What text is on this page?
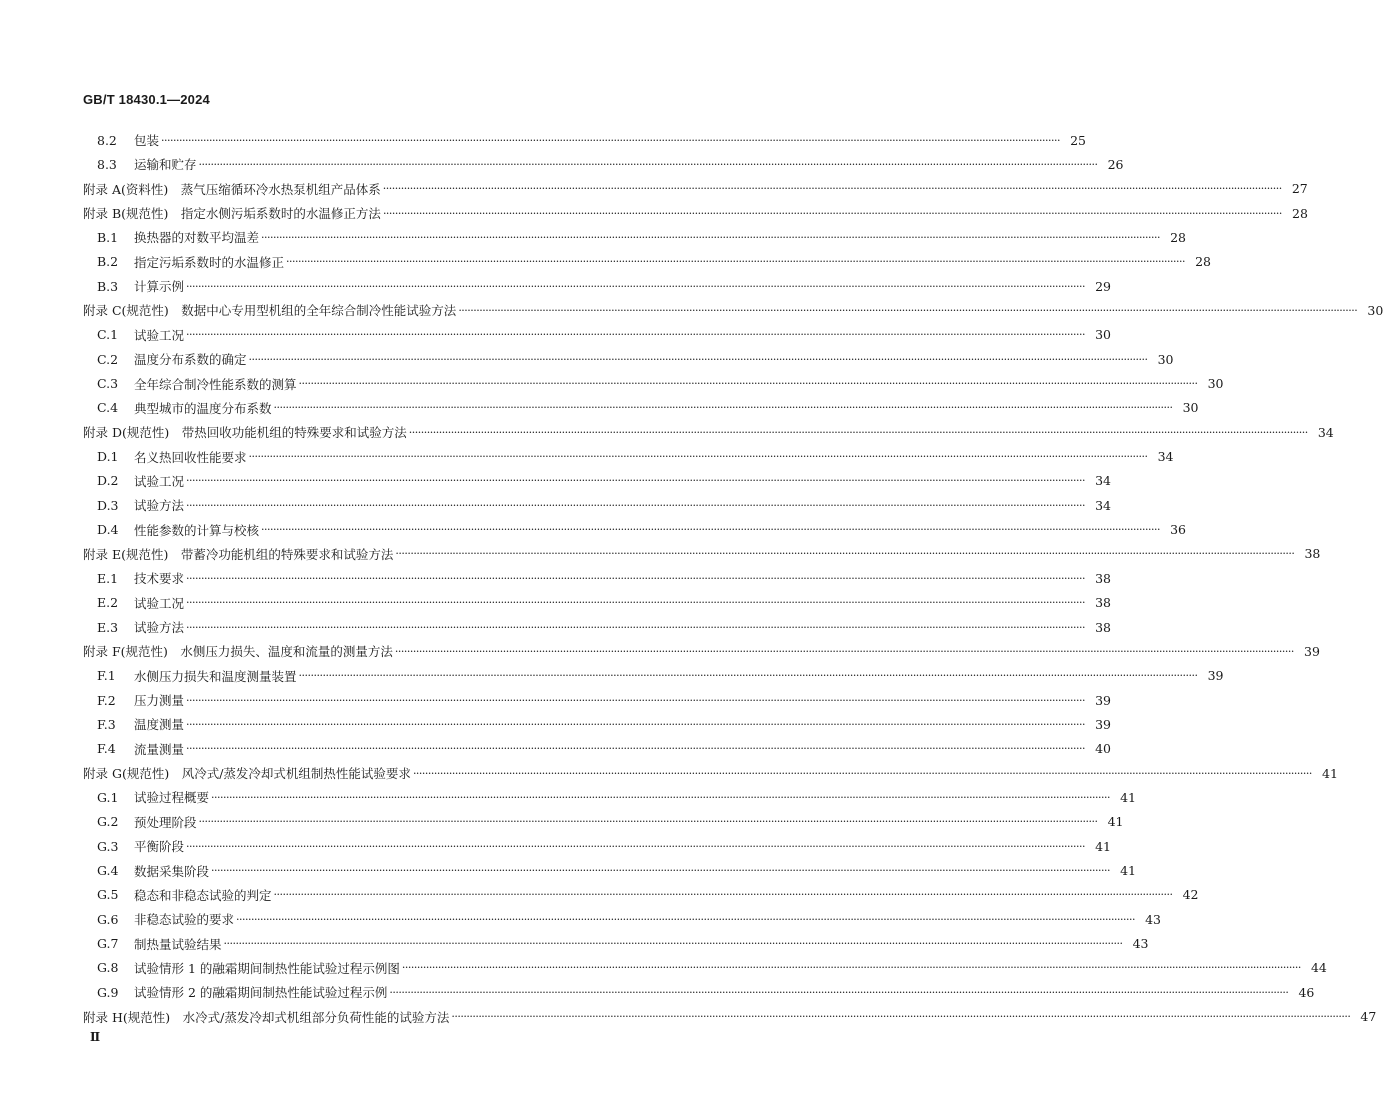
GB/T 18430.1—2024
8.2	包装 ············································································································································································································································································································ 25
8.3	运输和贮存 ············································································································································································································································································································ 26
附录 A (资料性)　蒸气压缩循环冷水热泵机组产品体系 ············································································································································································································································································································ 27
附录 B (规范性)　指定水侧污垢系数时的水温修正方法 ············································································································································································································································································································ 28
B.1	换热器的对数平均温差 ············································································································································································································································································································ 28
B.2	指定污垢系数时的水温修正 ············································································································································································································································································································ 28
B.3	计算示例 ············································································································································································································································································································ 29
附录 C (规范性)　数据中心专用型机组的全年综合制冷性能试验方法 ············································································································································································································································································································ 30
C.1	试验工况 ············································································································································································································································································································ 30
C.2	温度分布系数的确定 ············································································································································································································································································································ 30
C.3	全年综合制冷性能系数的测算 ············································································································································································································································································································ 30
C.4	典型城市的温度分布系数 ············································································································································································································································································································ 30
附录 D (规范性)　带热回收功能机组的特殊要求和试验方法 ············································································································································································································································································································ 34
D.1	名义热回收性能要求 ············································································································································································································································································································ 34
D.2	试验工况 ············································································································································································································································································································ 34
D.3	试验方法 ············································································································································································································································································································ 34
D.4	性能参数的计算与校核 ············································································································································································································································································································ 36
附录 E (规范性)　带蓄冷功能机组的特殊要求和试验方法 ············································································································································································································································································································ 38
E.1	技术要求 ············································································································································································································································································································ 38
E.2	试验工况 ············································································································································································································································································································ 38
E.3	试验方法 ············································································································································································································································································································ 38
附录 F (规范性)　水侧压力损失、温度和流量的测量方法 ············································································································································································································································································································ 39
F.1	水侧压力损失和温度测量装置 ············································································································································································································································································································ 39
F.2	压力测量 ············································································································································································································································································································ 39
F.3	温度测量 ············································································································································································································································································································ 39
F.4	流量测量 ············································································································································································································································································································ 40
附录 G (规范性)　风冷式/蒸发冷却式机组制热性能试验要求 ············································································································································································································································································································ 41
G.1	试验过程概要 ············································································································································································································································································································ 41
G.2	预处理阶段 ············································································································································································································································································································ 41
G.3	平衡阶段 ············································································································································································································································································································ 41
G.4	数据采集阶段 ············································································································································································································································································································ 41
G.5	稳态和非稳态试验的判定 ············································································································································································································································································································ 42
G.6	非稳态试验的要求 ············································································································································································································································································································ 43
G.7	制热量试验结果 ············································································································································································································································································································ 43
G.8	试验情形 1 的融霜期间制热性能试验过程示例图 ············································································································································································································································································································ 44
G.9	试验情形 2 的融霜期间制热性能试验过程示例 ············································································································································································································································································································ 46
附录 H (规范性)　水冷式/蒸发冷却式机组部分负荷性能的试验方法 ············································································································································································································································································································ 47
Ⅱ
